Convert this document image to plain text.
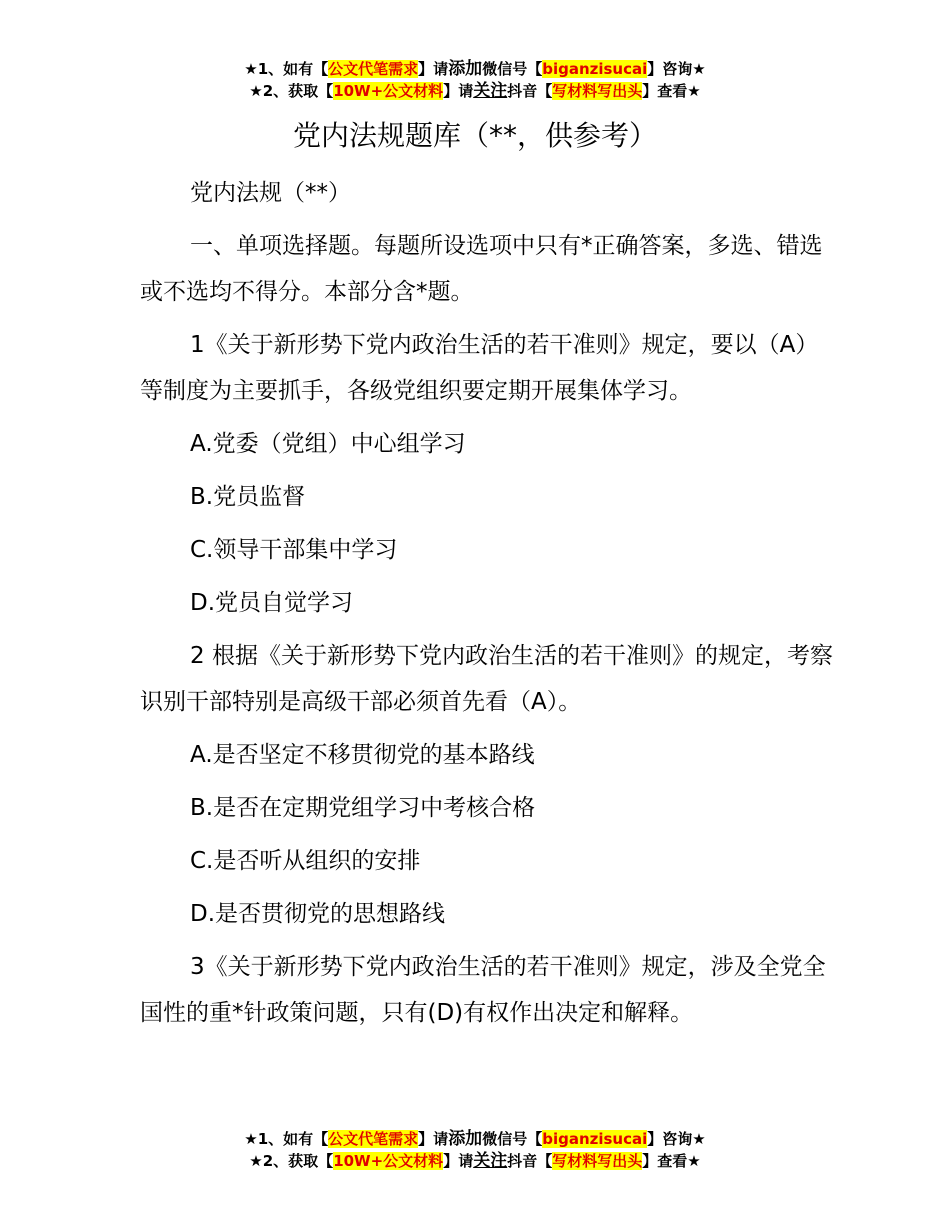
★1、如有【公文代笔需求】请添加微信号【biganzisucai】咨询★
★2、获取【10W+公文材料】请关注抖音【写材料写出头】查看★
党内法规题库（**，供参考）

党内法规（**）

一、单项选择题。每题所设选项中只有*正确答案，多选、错选或不选均不得分。本部分含*题。

1《关于新形势下党内政治生活的若干准则》规定，要以（A）等制度为主要抓手，各级党组织要定期开展集体学习。

A.党委（党组）中心组学习

B.党员监督

C.领导干部集中学习

D.党员自觉学习

2 根据《关于新形势下党内政治生活的若干准则》的规定，考察识别干部特别是高级干部必须首先看（A）。

A.是否坚定不移贯彻党的基本路线

B.是否在定期党组学习中考核合格

C.是否听从组织的安排

D.是否贯彻党的思想路线

3《关于新形势下党内政治生活的若干准则》规定，涉及全党全国性的重*针政策问题，只有(D)有权作出决定和解释。

★1、如有【公文代笔需求】请添加微信号【biganzisucai】咨询★
★2、获取【10W+公文材料】请关注抖音【写材料写出头】查看★
